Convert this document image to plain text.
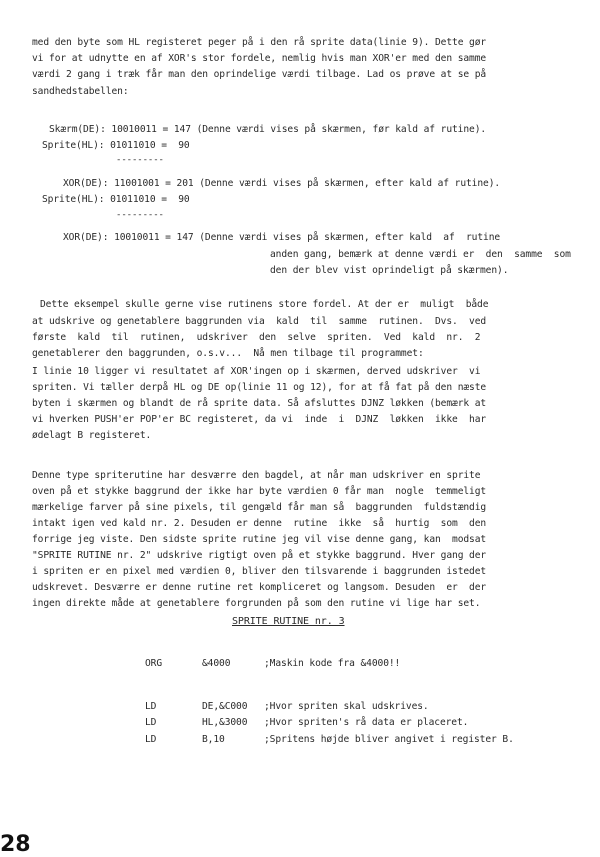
med den byte som HL registeret peger på i den rå sprite data(linie 9). Dette gør
vi for at udnytte en af XOR's stor fordele, nemlig hvis man XOR'er med den samme
værdi 2 gang i træk får man den oprindelige værdi tilbage. Lad os prøve at se på
sandhedstabellen:
Skærm(DE): 10010011 = 147 (Denne værdi vises på skærmen, før kald af rutine).
Sprite(HL): 01011010 =  90
---------
XOR(DE): 11001001 = 201 (Denne værdi vises på skærmen, efter kald af rutine).
Sprite(HL): 01011010 =  90
---------
XOR(DE): 10010011 = 147 (Denne værdi vises på skærmen, efter kald  af  rutine
anden gang, bemærk at denne værdi er  den  samme  som
den der blev vist oprindeligt på skærmen).
Dette eksempel skulle gerne vise rutinens store fordel. At der er  muligt  både
at udskrive og genetablere baggrunden via  kald  til  samme  rutinen.  Dvs.  ved
første  kald  til  rutinen,  udskriver  den  selve  spriten.  Ved  kald  nr.  2
genetablerer den baggrunden, o.s.v...  Nå men tilbage til programmet:
I linie 10 ligger vi resultatet af XOR'ingen op i skærmen, derved udskriver  vi
spriten. Vi tæller derpå HL og DE op(linie 11 og 12), for at få fat på den næste
byten i skærmen og blandt de rå sprite data. Så afsluttes DJNZ løkken (bemærk at
vi hverken PUSH'er POP'er BC registeret, da vi  inde  i  DJNZ  løkken  ikke  har
ødelagt B registeret.
Denne type spriterutine har desværre den bagdel, at når man udskriver en sprite
oven på et stykke baggrund der ikke har byte værdien 0 får man  nogle  temmeligt
mærkelige farver på sine pixels, til gengæld får man så  baggrunden  fuldstændig
intakt igen ved kald nr. 2. Desuden er denne  rutine  ikke  så  hurtig  som  den
forrige jeg viste. Den sidste sprite rutine jeg vil vise denne gang, kan  modsat
"SPRITE RUTINE nr. 2" udskrive rigtigt oven på et stykke baggrund. Hver gang der
i spriten er en pixel med værdien 0, bliver den tilsvarende i baggrunden istedet
udskrevet. Desværre er denne rutine ret kompliceret og langsom. Desuden  er  der
ingen direkte måde at genetablere forgrunden på som den rutine vi lige har set.
SPRITE RUTINE nr. 3
ORG	&4000	;Maskin kode fra &4000!!
LD	DE,&C000 ;Hvor spriten skal udskrives.
LD	HL,&3000 ;Hvor spriten's rå data er placeret.
LD	B,10	;Spritens højde bliver angivet i register B.
28
